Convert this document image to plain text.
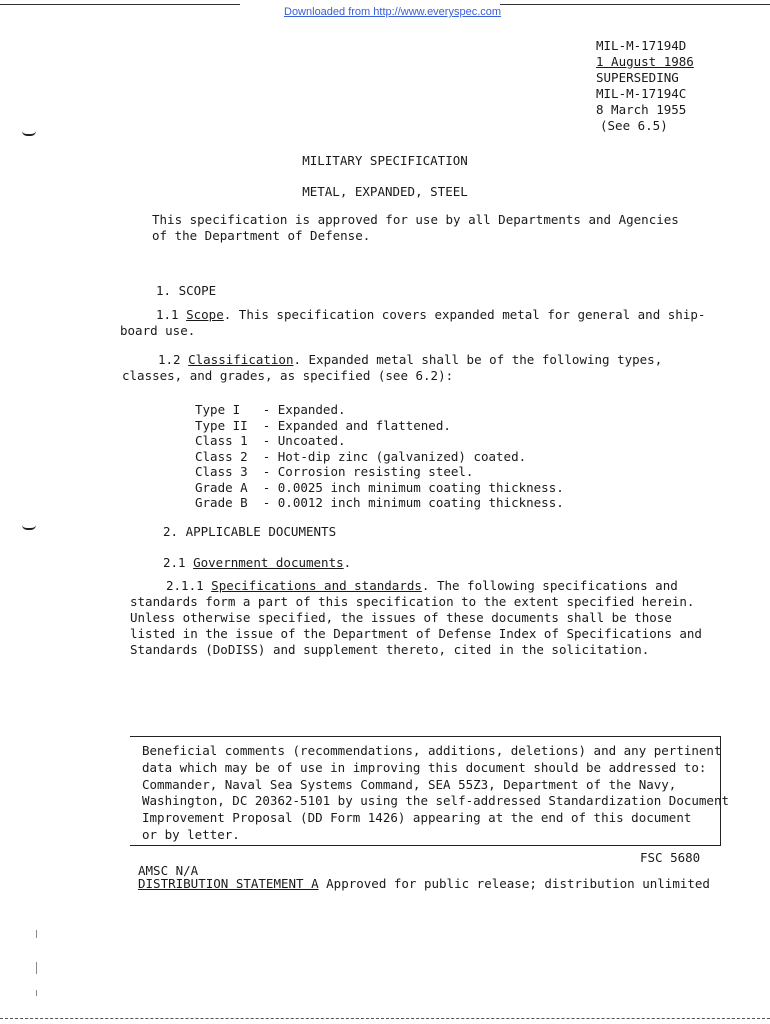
Downloaded from http://www.everyspec.com
MIL-M-17194D
1 August 1986
SUPERSEDING
MIL-M-17194C
8 March 1955
(See 6.5)
MILITARY SPECIFICATION
METAL, EXPANDED, STEEL
This specification is approved for use by all Departments and Agencies
of the Department of Defense.
1. SCOPE
1.1 Scope. This specification covers expanded metal for general and ship-
board use.
1.2 Classification. Expanded metal shall be of the following types,
classes, and grades, as specified (see 6.2):
Type I   - Expanded.
Type II  - Expanded and flattened.
Class 1  - Uncoated.
Class 2  - Hot-dip zinc (galvanized) coated.
Class 3  - Corrosion resisting steel.
Grade A  - 0.0025 inch minimum coating thickness.
Grade B  - 0.0012 inch minimum coating thickness.
2. APPLICABLE DOCUMENTS
2.1 Government documents.
2.1.1 Specifications and standards. The following specifications and
standards form a part of this specification to the extent specified herein.
Unless otherwise specified, the issues of these documents shall be those
listed in the issue of the Department of Defense Index of Specifications and
Standards (DoDISS) and supplement thereto, cited in the solicitation.
Beneficial comments (recommendations, additions, deletions) and any pertinent
data which may be of use in improving this document should be addressed to:
Commander, Naval Sea Systems Command, SEA 55Z3, Department of the Navy,
Washington, DC 20362-5101 by using the self-addressed Standardization Document
Improvement Proposal (DD Form 1426) appearing at the end of this document
or by letter.
AMSC N/A
FSC 5680
DISTRIBUTION STATEMENT A Approved for public release; distribution unlimited
